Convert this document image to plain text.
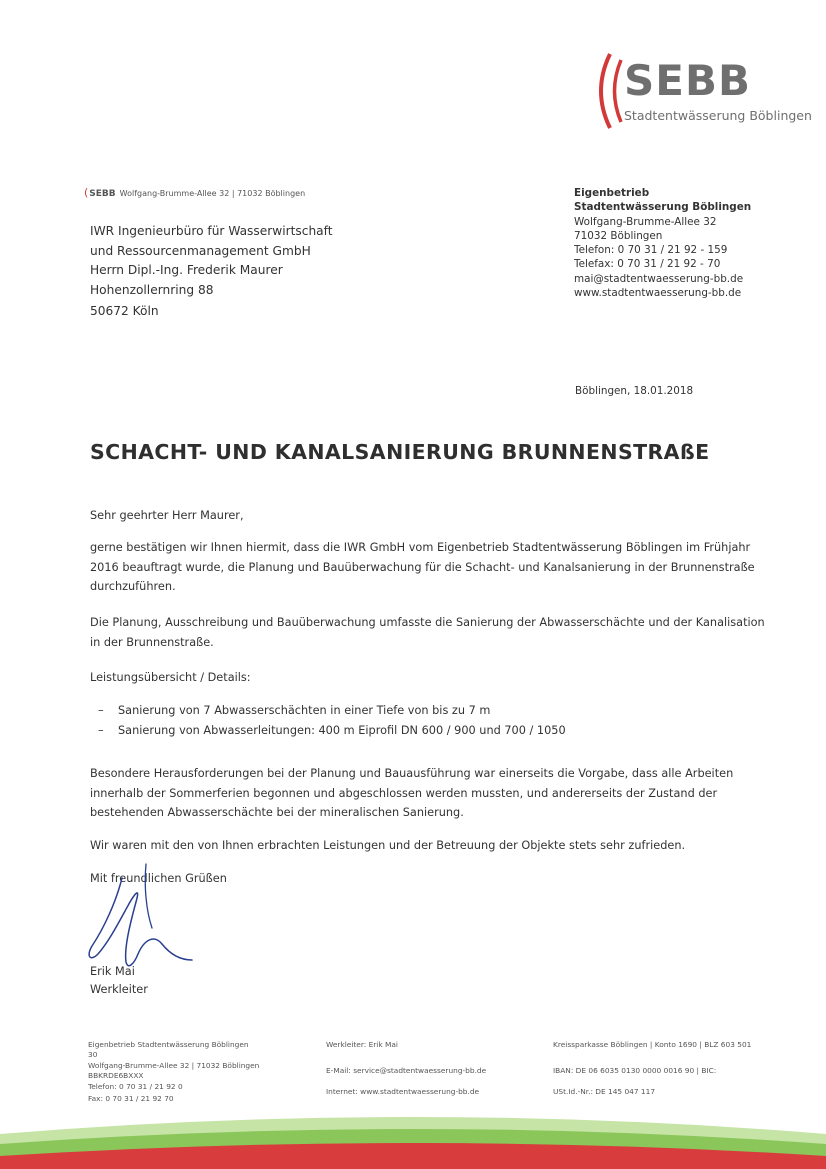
SEBB
Stadtentwässerung Böblingen
(SEBB Wolfgang-Brumme-Allee 32 | 71032 Böblingen
IWR Ingenieurbüro für Wasserwirtschaft
und Ressourcenmanagement GmbH
Herrn Dipl.-Ing. Frederik Maurer
Hohenzollernring 88
50672 Köln
Eigenbetrieb
Stadtentwässerung Böblingen
Wolfgang-Brumme-Allee 32
71032 Böblingen
Telefon: 0 70 31 / 21 92 - 159
Telefax: 0 70 31 / 21 92 - 70
mai@stadtentwaesserung-bb.de
www.stadtentwaesserung-bb.de
Böblingen, 18.01.2018
SCHACHT- UND KANALSANIERUNG BRUNNENSTRAßE

Sehr geehrter Herr Maurer,

gerne bestätigen wir Ihnen hiermit, dass die IWR GmbH vom Eigenbetrieb Stadtentwässerung Böblingen im Frühjahr 2016 beauftragt wurde, die Planung und Bauüberwachung für die Schacht- und Kanalsanierung in der Brunnenstraße durchzuführen.

Die Planung, Ausschreibung und Bauüberwachung umfasste die Sanierung der Abwasserschächte und der Kanalisation in der Brunnenstraße.

Leistungsübersicht / Details:

– Sanierung von 7 Abwasserschächten in einer Tiefe von bis zu 7 m
– Sanierung von Abwasserleitungen: 400 m Eiprofil DN 600 / 900 und 700 / 1050

Besondere Herausforderungen bei der Planung und Bauausführung war einerseits die Vorgabe, dass alle Arbeiten innerhalb der Sommerferien begonnen und abgeschlossen werden mussten, und andererseits der Zustand der bestehenden Abwasserschächte bei der mineralischen Sanierung.

Wir waren mit den von Ihnen erbrachten Leistungen und der Betreuung der Objekte stets sehr zufrieden.

Mit freundlichen Grüßen

Erik Mai
Werkleiter
Eigenbetrieb Stadtentwässerung Böblingen
30
Wolfgang-Brumme-Allee 32 | 71032 Böblingen
BBKRDE6BXXX
Telefon: 0 70 31 / 21 92 0
Fax: 0 70 31 / 21 92 70
Werkleiter: Erik Mai
E-Mail: service@stadtentwaesserung-bb.de
Internet: www.stadtentwaesserung-bb.de
Kreissparkasse Böblingen | Konto 1690 | BLZ 603 501
IBAN: DE 06 6035 0130 0000 0016 90 | BIC:
USt.Id.-Nr.: DE 145 047 117
